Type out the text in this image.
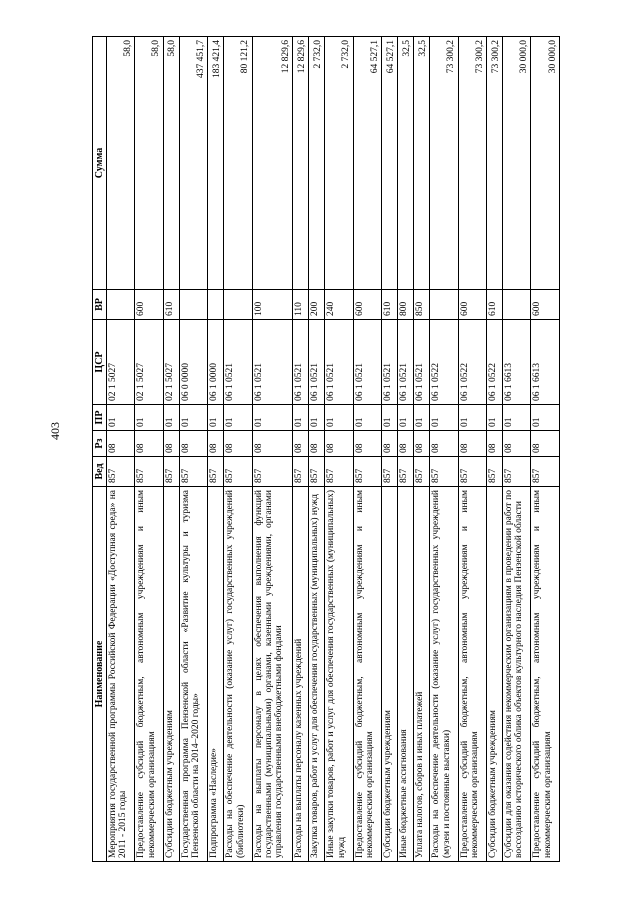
403
Наименование	Вед	Рз	ПР	ЦСР	ВР	Сумма
Мероприятия государственной программы Российской Федерации «Доступная среда» на 2011 - 2015 годы	857	08	01	02 1 5027		58,0
Предоставление субсидий бюджетным, автономным учреждениям и иным некоммерческим организациям	857	08	01	02 1 5027	600	58,0
Субсидии бюджетным учреждениям	857	08	01	02 1 5027	610	58,0
Государственная программа Пензенской области «Развитие культуры и туризма Пензенской области на 2014–2020 годы»	857	08	01	06 0 0000		437 451,7
Подпрограмма «Наследие»	857	08	01	06 1 0000		183 421,4
Расходы на обеспечение деятельности (оказание услуг) государственных учреждений (библиотеки)	857	08	01	06 1 0521		80 121,2
Расходы на выплаты персоналу в целях обеспечения выполнения функций государственными (муниципальными) органами, казенными учреждениями, органами управления государственными внебюджетными фондами	857	08	01	06 1 0521	100	12 829,6
Расходы на выплаты персоналу казенных учреждений	857	08	01	06 1 0521	110	12 829,6
Закупка товаров, работ и услуг для обеспечения государственных (муниципальных) нужд	857	08	01	06 1 0521	200	2 732,0
Иные закупки товаров, работ и услуг для обеспечения государственных (муниципальных) нужд	857	08	01	06 1 0521	240	2 732,0
Предоставление субсидий бюджетным, автономным учреждениям и иным некоммерческим организациям	857	08	01	06 1 0521	600	64 527,1
Субсидии бюджетным учреждениям	857	08	01	06 1 0521	610	64 527,1
Иные бюджетные ассигнования	857	08	01	06 1 0521	800	32,5
Уплата налогов, сборов и иных платежей	857	08	01	06 1 0521	850	32,5
Расходы на обеспечение деятельности (оказание услуг) государственных учреждений (музеи и постоянные выставки)	857	08	01	06 1 0522		73 300,2
Предоставление субсидий бюджетным, автономным учреждениям и иным некоммерческим организациям	857	08	01	06 1 0522	600	73 300,2
Субсидии бюджетным учреждениям	857	08	01	06 1 0522	610	73 300,2
Субсидии для оказания содействия некоммерческим организациям в проведении работ по воссозданию исторического облика объектов культурного наследия Пензенской области	857	08	01	06 1 6613		30 000,0
Предоставление субсидий бюджетным, автономным учреждениям и иным некоммерческим организациям	857	08	01	06 1 6613	600	30 000,0
